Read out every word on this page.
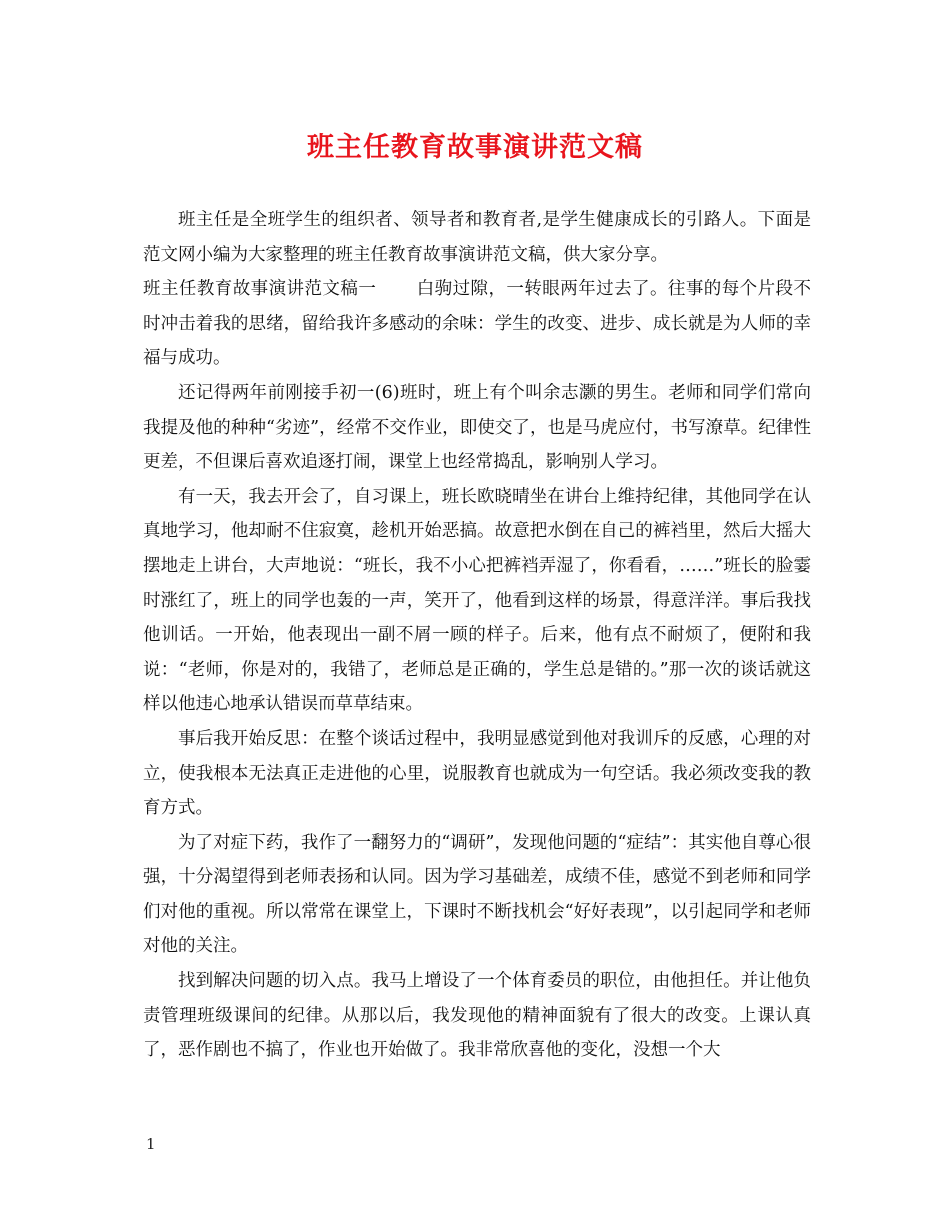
班主任教育故事演讲范文稿

班主任是全班学生的组织者、领导者和教育者,是学生健康成长的引路人。下面是范文网小编为大家整理的班主任教育故事演讲范文稿，供大家分享。

班主任教育故事演讲范文稿一 白驹过隙，一转眼两年过去了。往事的每个片段不时冲击着我的思绪，留给我许多感动的余味：学生的改变、进步、成长就是为人师的幸福与成功。

还记得两年前刚接手初一(6)班时，班上有个叫余志灏的男生。老师和同学们常向我提及他的种种“劣迹”，经常不交作业，即使交了，也是马虎应付，书写潦草。纪律性更差，不但课后喜欢追逐打闹，课堂上也经常捣乱，影响别人学习。

有一天，我去开会了，自习课上，班长欧晓晴坐在讲台上维持纪律，其他同学在认真地学习，他却耐不住寂寞，趁机开始恶搞。故意把水倒在自己的裤裆里，然后大摇大摆地走上讲台，大声地说：“班长，我不小心把裤裆弄湿了，你看看，……”班长的脸霎时涨红了，班上的同学也轰的一声，笑开了，他看到这样的场景，得意洋洋。事后我找他训话。一开始，他表现出一副不屑一顾的样子。后来，他有点不耐烦了，便附和我说：“老师，你是对的，我错了，老师总是正确的，学生总是错的。”那一次的谈话就这样以他违心地承认错误而草草结束。

事后我开始反思：在整个谈话过程中，我明显感觉到他对我训斥的反感，心理的对立，使我根本无法真正走进他的心里，说服教育也就成为一句空话。我必须改变我的教育方式。

为了对症下药，我作了一翻努力的“调研”，发现他问题的“症结”：其实他自尊心很强，十分渴望得到老师表扬和认同。因为学习基础差，成绩不佳，感觉不到老师和同学们对他的重视。所以常常在课堂上，下课时不断找机会“好好表现”，以引起同学和老师对他的关注。

找到解决问题的切入点。我马上增设了一个体育委员的职位，由他担任。并让他负责管理班级课间的纪律。从那以后，我发现他的精神面貌有了很大的改变。上课认真了，恶作剧也不搞了，作业也开始做了。我非常欣喜他的变化，没想一个大

1
